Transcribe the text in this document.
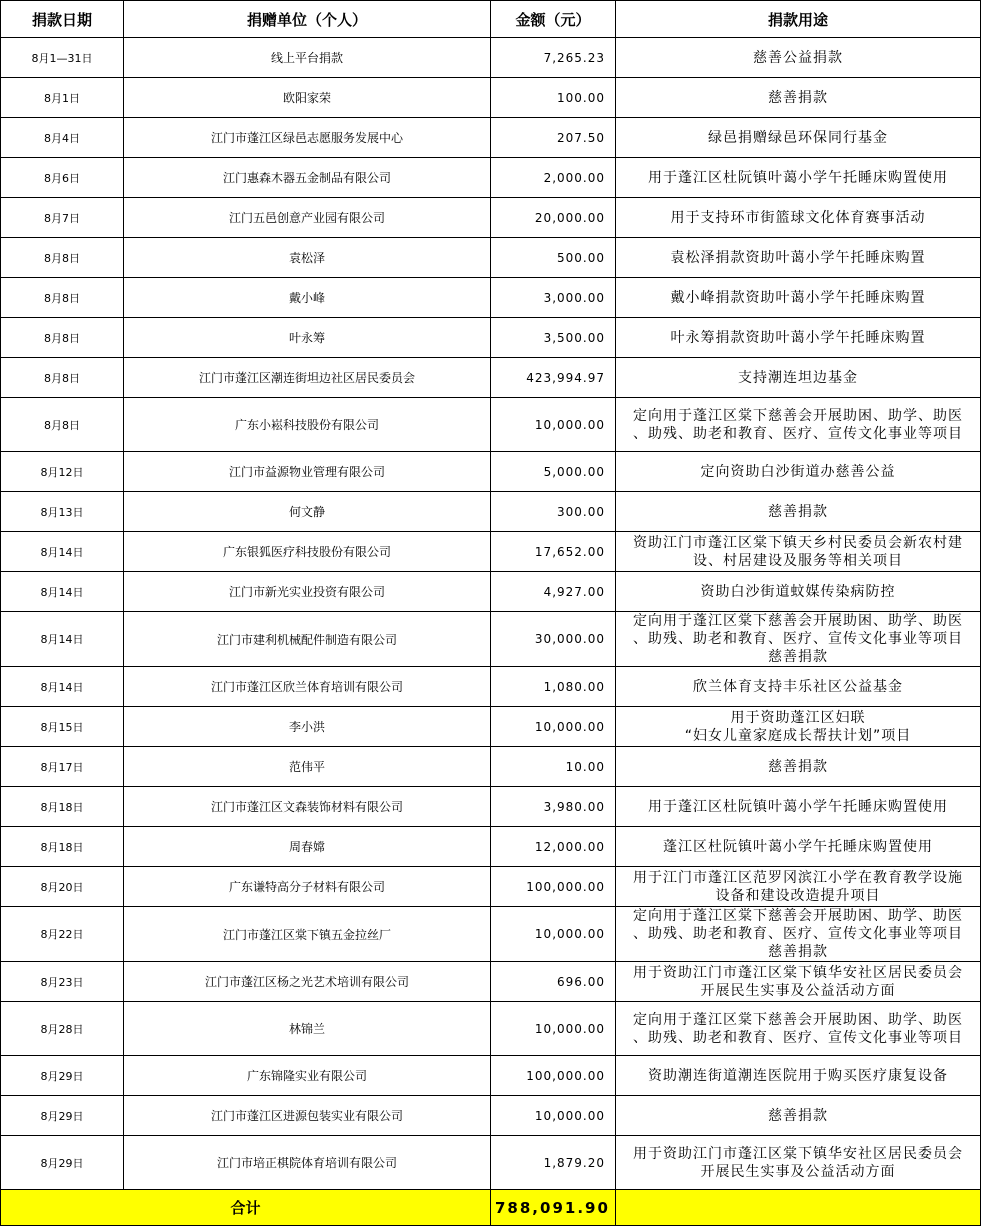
捐款日期	捐赠单位（个人）	金额（元）	捐款用途
8月1—31日	线上平台捐款	7,265.23	慈善公益捐款
8月1日	欧阳家荣	100.00	慈善捐款
8月4日	江门市蓬江区绿邑志愿服务发展中心	207.50	绿邑捐赠绿邑环保同行基金
8月6日	江门惠森木器五金制品有限公司	2,000.00	用于蓬江区杜阮镇叶蔼小学午托睡床购置使用
8月7日	江门五邑创意产业园有限公司	20,000.00	用于支持环市街篮球文化体育赛事活动
8月8日	袁松泽	500.00	袁松泽捐款资助叶蔼小学午托睡床购置
8月8日	戴小峰	3,000.00	戴小峰捐款资助叶蔼小学午托睡床购置
8月8日	叶永筹	3,500.00	叶永筹捐款资助叶蔼小学午托睡床购置
8月8日	江门市蓬江区潮连街坦边社区居民委员会	423,994.97	支持潮连坦边基金
8月8日	广东小崧科技股份有限公司	10,000.00	定向用于蓬江区棠下慈善会开展助困、助学、助医
、助残、助老和教育、医疗、宣传文化事业等项目
8月12日	江门市益源物业管理有限公司	5,000.00	定向资助白沙街道办慈善公益
8月13日	何文静	300.00	慈善捐款
8月14日	广东银狐医疗科技股份有限公司	17,652.00	资助江门市蓬江区棠下镇天乡村民委员会新农村建
设、村居建设及服务等相关项目
8月14日	江门市新光实业投资有限公司	4,927.00	资助白沙街道蚊媒传染病防控
8月14日	江门市建利机械配件制造有限公司	30,000.00	定向用于蓬江区棠下慈善会开展助困、助学、助医
、助残、助老和教育、医疗、宣传文化事业等项目
慈善捐款
8月14日	江门市蓬江区欣兰体育培训有限公司	1,080.00	欣兰体育支持丰乐社区公益基金
8月15日	李小洪	10,000.00	用于资助蓬江区妇联
“妇女儿童家庭成长帮扶计划”项目
8月17日	范伟平	10.00	慈善捐款
8月18日	江门市蓬江区文森装饰材料有限公司	3,980.00	用于蓬江区杜阮镇叶蔼小学午托睡床购置使用
8月18日	周春嫦	12,000.00	蓬江区杜阮镇叶蔼小学午托睡床购置使用
8月20日	广东谦特高分子材料有限公司	100,000.00	用于江门市蓬江区范罗冈滨江小学在教育教学设施
设备和建设改造提升项目
8月22日	江门市蓬江区棠下镇五金拉丝厂	10,000.00	定向用于蓬江区棠下慈善会开展助困、助学、助医
、助残、助老和教育、医疗、宣传文化事业等项目
慈善捐款
8月23日	江门市蓬江区杨之光艺术培训有限公司	696.00	用于资助江门市蓬江区棠下镇华安社区居民委员会
开展民生实事及公益活动方面
8月28日	林锦兰	10,000.00	定向用于蓬江区棠下慈善会开展助困、助学、助医
、助残、助老和教育、医疗、宣传文化事业等项目
8月29日	广东锦隆实业有限公司	100,000.00	资助潮连街道潮连医院用于购买医疗康复设备
8月29日	江门市蓬江区进源包装实业有限公司	10,000.00	慈善捐款
8月29日	江门市培正棋院体育培训有限公司	1,879.20	用于资助江门市蓬江区棠下镇华安社区居民委员会
开展民生实事及公益活动方面
合计		788,091.90	
